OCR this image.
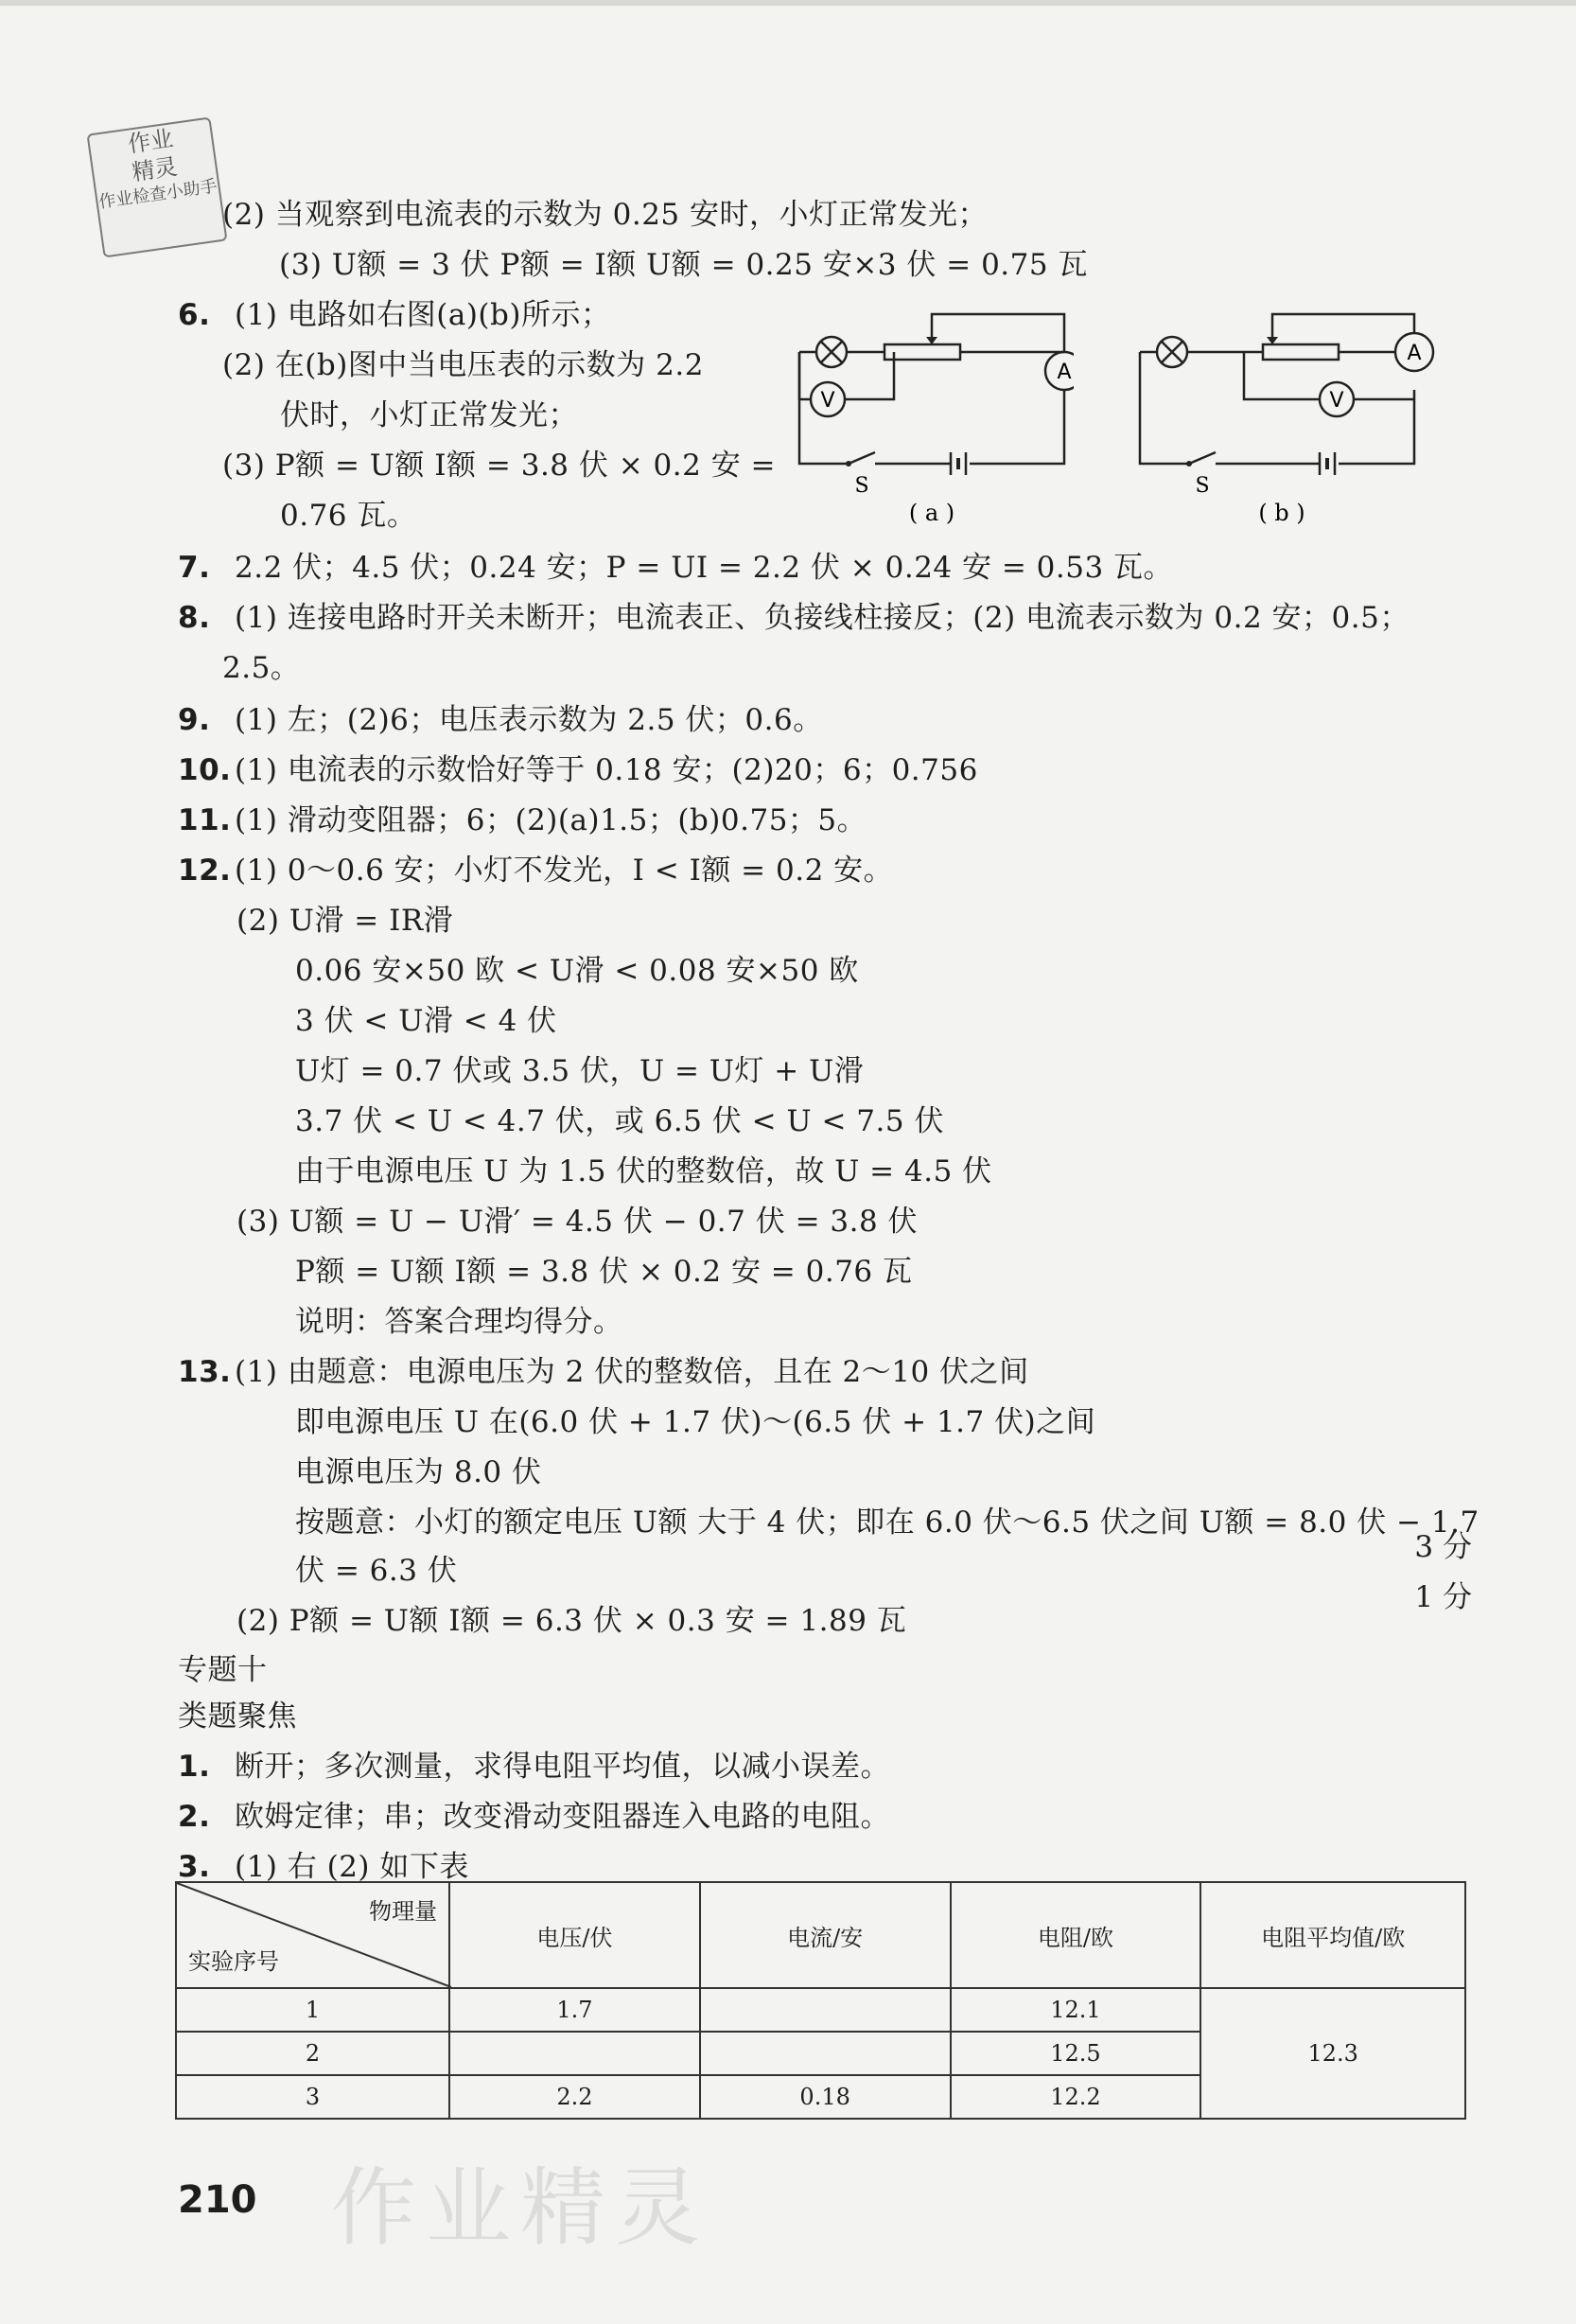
作业
精灵
作业检查小助手
(2) 当观察到电流表的示数为 0.25 安时，小灯正常发光；
(3) U额 = 3 伏 P额 = I额 U额 = 0.25 安×3 伏 = 0.75 瓦
6. (1) 电路如右图(a)(b)所示；
(2) 在(b)图中当电压表的示数为 2.2
伏时，小灯正常发光；
(3) P额 = U额 I额 = 3.8 伏 × 0.2 安 =
0.76 瓦。
7. 2.2 伏；4.5 伏；0.24 安；P = UI = 2.2 伏 × 0.24 安 = 0.53 瓦。
8. (1) 连接电路时开关未断开；电流表正、负接线柱接反；(2) 电流表示数为 0.2 安；0.5；
2.5。
9. (1) 左；(2)6；电压表示数为 2.5 伏；0.6。
10. (1) 电流表的示数恰好等于 0.18 安；(2)20；6；0.756
11. (1) 滑动变阻器；6；(2)(a)1.5；(b)0.75；5。
12. (1) 0～0.6 安；小灯不发光，I < I额 = 0.2 安。
(2) U滑 = IR滑
0.06 安×50 欧 < U滑 < 0.08 安×50 欧
3 伏 < U滑 < 4 伏
U灯 = 0.7 伏或 3.5 伏，U = U灯 + U滑
3.7 伏 < U < 4.7 伏，或 6.5 伏 < U < 7.5 伏
由于电源电压 U 为 1.5 伏的整数倍，故 U = 4.5 伏
(3) U额 = U − U滑′ = 4.5 伏 − 0.7 伏 = 3.8 伏
P额 = U额 I额 = 3.8 伏 × 0.2 安 = 0.76 瓦
说明：答案合理均得分。
13. (1) 由题意：电源电压为 2 伏的整数倍，且在 2～10 伏之间
即电源电压 U 在(6.0 伏 + 1.7 伏)～(6.5 伏 + 1.7 伏)之间
电源电压为 8.0 伏
按题意：小灯的额定电压 U额 大于 4 伏；即在 6.0 伏～6.5 伏之间 U额 = 8.0 伏 − 1.7
伏 = 6.3 伏
(2) P额 = U额 I额 = 6.3 伏 × 0.3 安 = 1.89 瓦
专题十
类题聚焦
1. 断开；多次测量，求得电阻平均值，以减小误差。
2. 欧姆定律；串；改变滑动变阻器连入电路的电阻。
3. (1) 右 (2) 如下表
3 分
1 分
V
A
S
( a )
V
A
S
( b )
物理量
实验序号	电压/伏	电流/安	电阻/欧	电阻平均值/欧
1	1.7		12.1	12.3
2			12.5	
3	2.2	0.18	12.2	
210 作业精灵
